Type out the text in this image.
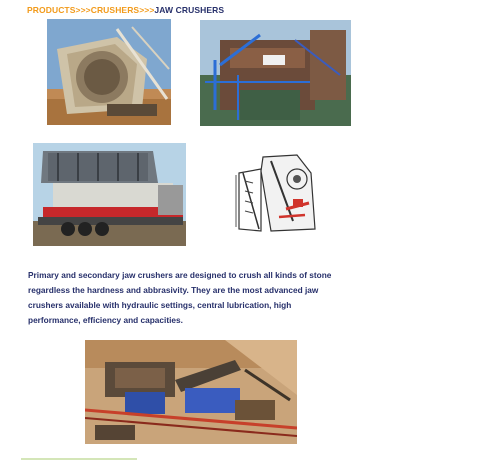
PRODUCTS>>>CRUSHERS>>>JAW CRUSHERS
Primary and secondary jaw crushers are designed to crush all kinds of stone regardless the hardness and abbrasivity. They are the most advanced jaw crushers available with hydraulic settings, central lubrication, high performance, efficiency and capacities.
